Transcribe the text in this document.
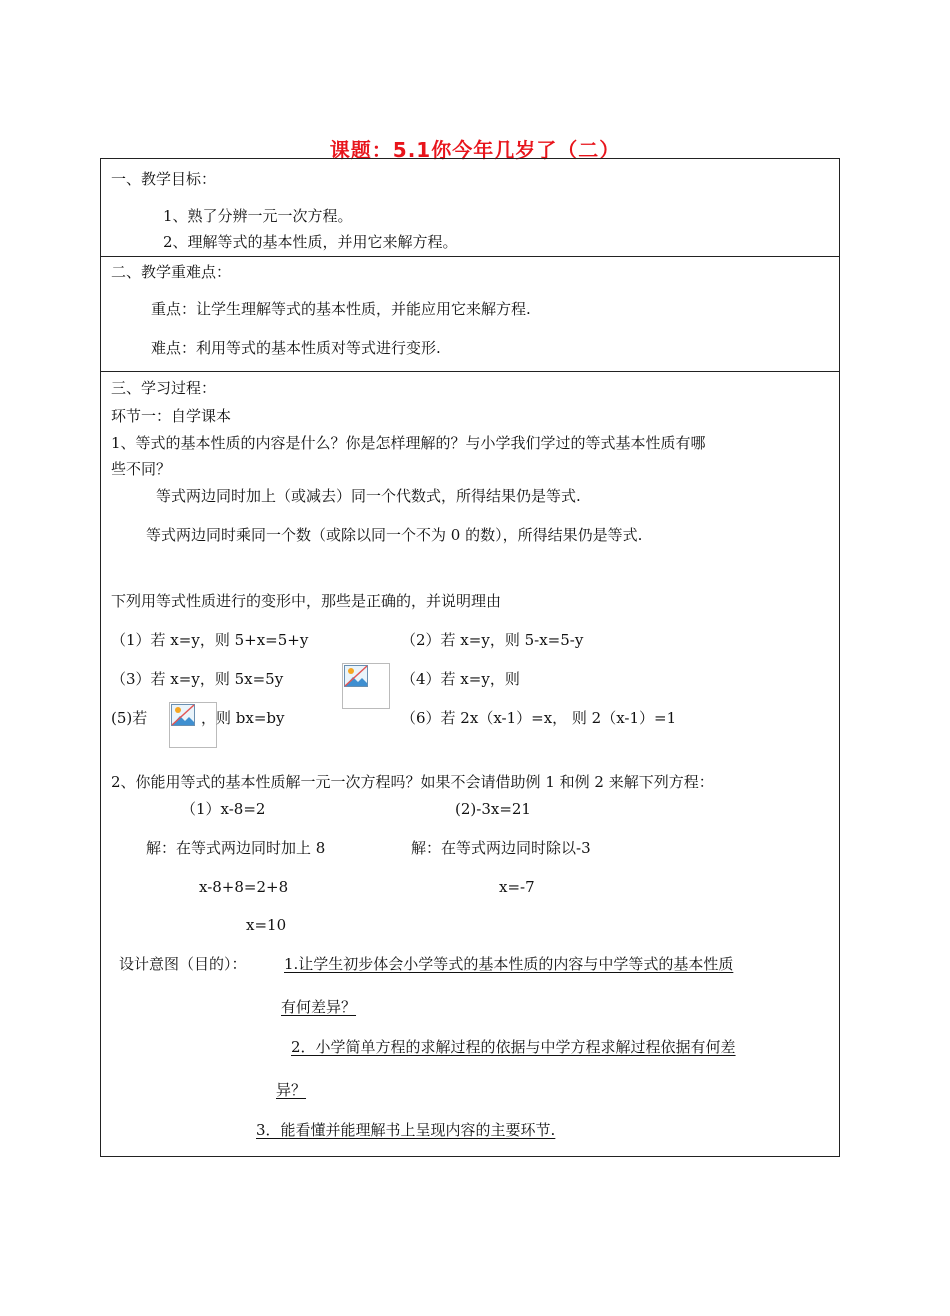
课题：5.1你今年几岁了（二）
一、教学目标：
1、熟了分辨一元一次方程。
2、理解等式的基本性质，并用它来解方程。
二、教学重难点：
重点：让学生理解等式的基本性质，并能应用它来解方程.
难点：利用等式的基本性质对等式进行变形.
三、学习过程：
环节一：自学课本
1、等式的基本性质的内容是什么？你是怎样理解的？与小学我们学过的等式基本性质有哪
些不同？
等式两边同时加上（或减去）同一个代数式，所得结果仍是等式.
等式两边同时乘同一个数（或除以同一个不为 0 的数），所得结果仍是等式.
下列用等式性质进行的变形中，那些是正确的，并说明理由
（1）若 x=y，则 5+x=5+y	（2）若 x=y，则 5-x=5-y
（3）若 x=y，则 5x=5y	（4）若 x=y，则
(5)若	，则 bx=by	（6）若 2x（x-1）=x， 则 2（x-1）=1
2、你能用等式的基本性质解一元一次方程吗？如果不会请借助例 1 和例 2 来解下列方程：
（1）x-8=2	(2)-3x=21
解：在等式两边同时加上 8	解：在等式两边同时除以-3
x-8+8=2+8	x=-7
x=10
设计意图（目的）： 1.让学生初步体会小学等式的基本性质的内容与中学等式的基本性质
有何差异？
2．小学简单方程的求解过程的依据与中学方程求解过程依据有何差
异？
3．能看懂并能理解书上呈现内容的主要环节.
